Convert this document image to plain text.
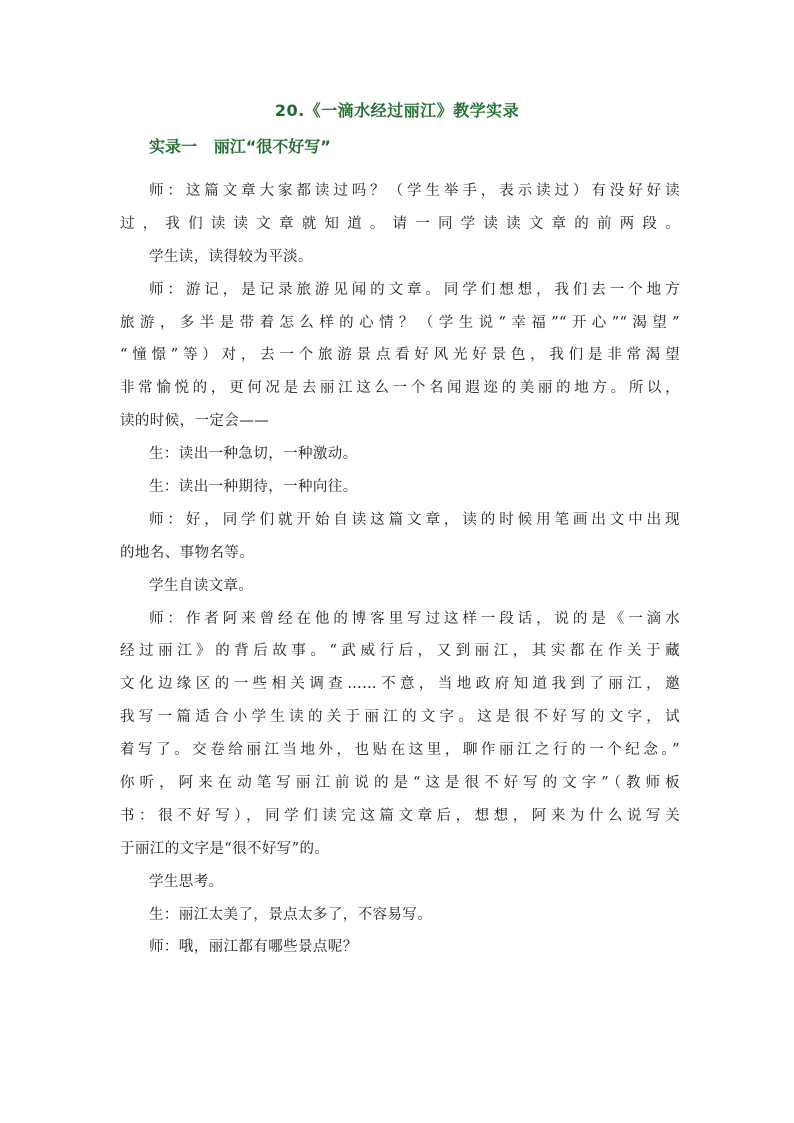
20.《一滴水经过丽江》教学实录
实录一   丽江“很不好写”
师：这篇文章大家都读过吗？（学生举手，表示读过）有没好好读
过，我们读读文章就知道。请一同学读读文章的前两段。
学生读，读得较为平淡。
师：游记，是记录旅游见闻的文章。同学们想想，我们去一个地方
旅游，多半是带着怎么样的心情？（学生说“幸福”“开心”“渴望”
“憧憬”等）对，去一个旅游景点看好风光好景色，我们是非常渴望
非常愉悦的，更何况是去丽江这么一个名闻遐迩的美丽的地方。所以，
读的时候，一定会——
生：读出一种急切，一种激动。
生：读出一种期待，一种向往。
师：好，同学们就开始自读这篇文章，读的时候用笔画出文中出现
的地名、事物名等。
学生自读文章。
师：作者阿来曾经在他的博客里写过这样一段话，说的是《一滴水
经过丽江》的背后故事。“武威行后，又到丽江，其实都在作关于藏
文化边缘区的一些相关调查……不意，当地政府知道我到了丽江，邀
我写一篇适合小学生读的关于丽江的文字。这是很不好写的文字，试
着写了。交卷给丽江当地外，也贴在这里，聊作丽江之行的一个纪念。”
你听，阿来在动笔写丽江前说的是“这是很不好写的文字”（教师板
书：很不好写），同学们读完这篇文章后，想想，阿来为什么说写关
于丽江的文字是“很不好写”的。
学生思考。
生：丽江太美了，景点太多了，不容易写。
师：哦，丽江都有哪些景点呢？
